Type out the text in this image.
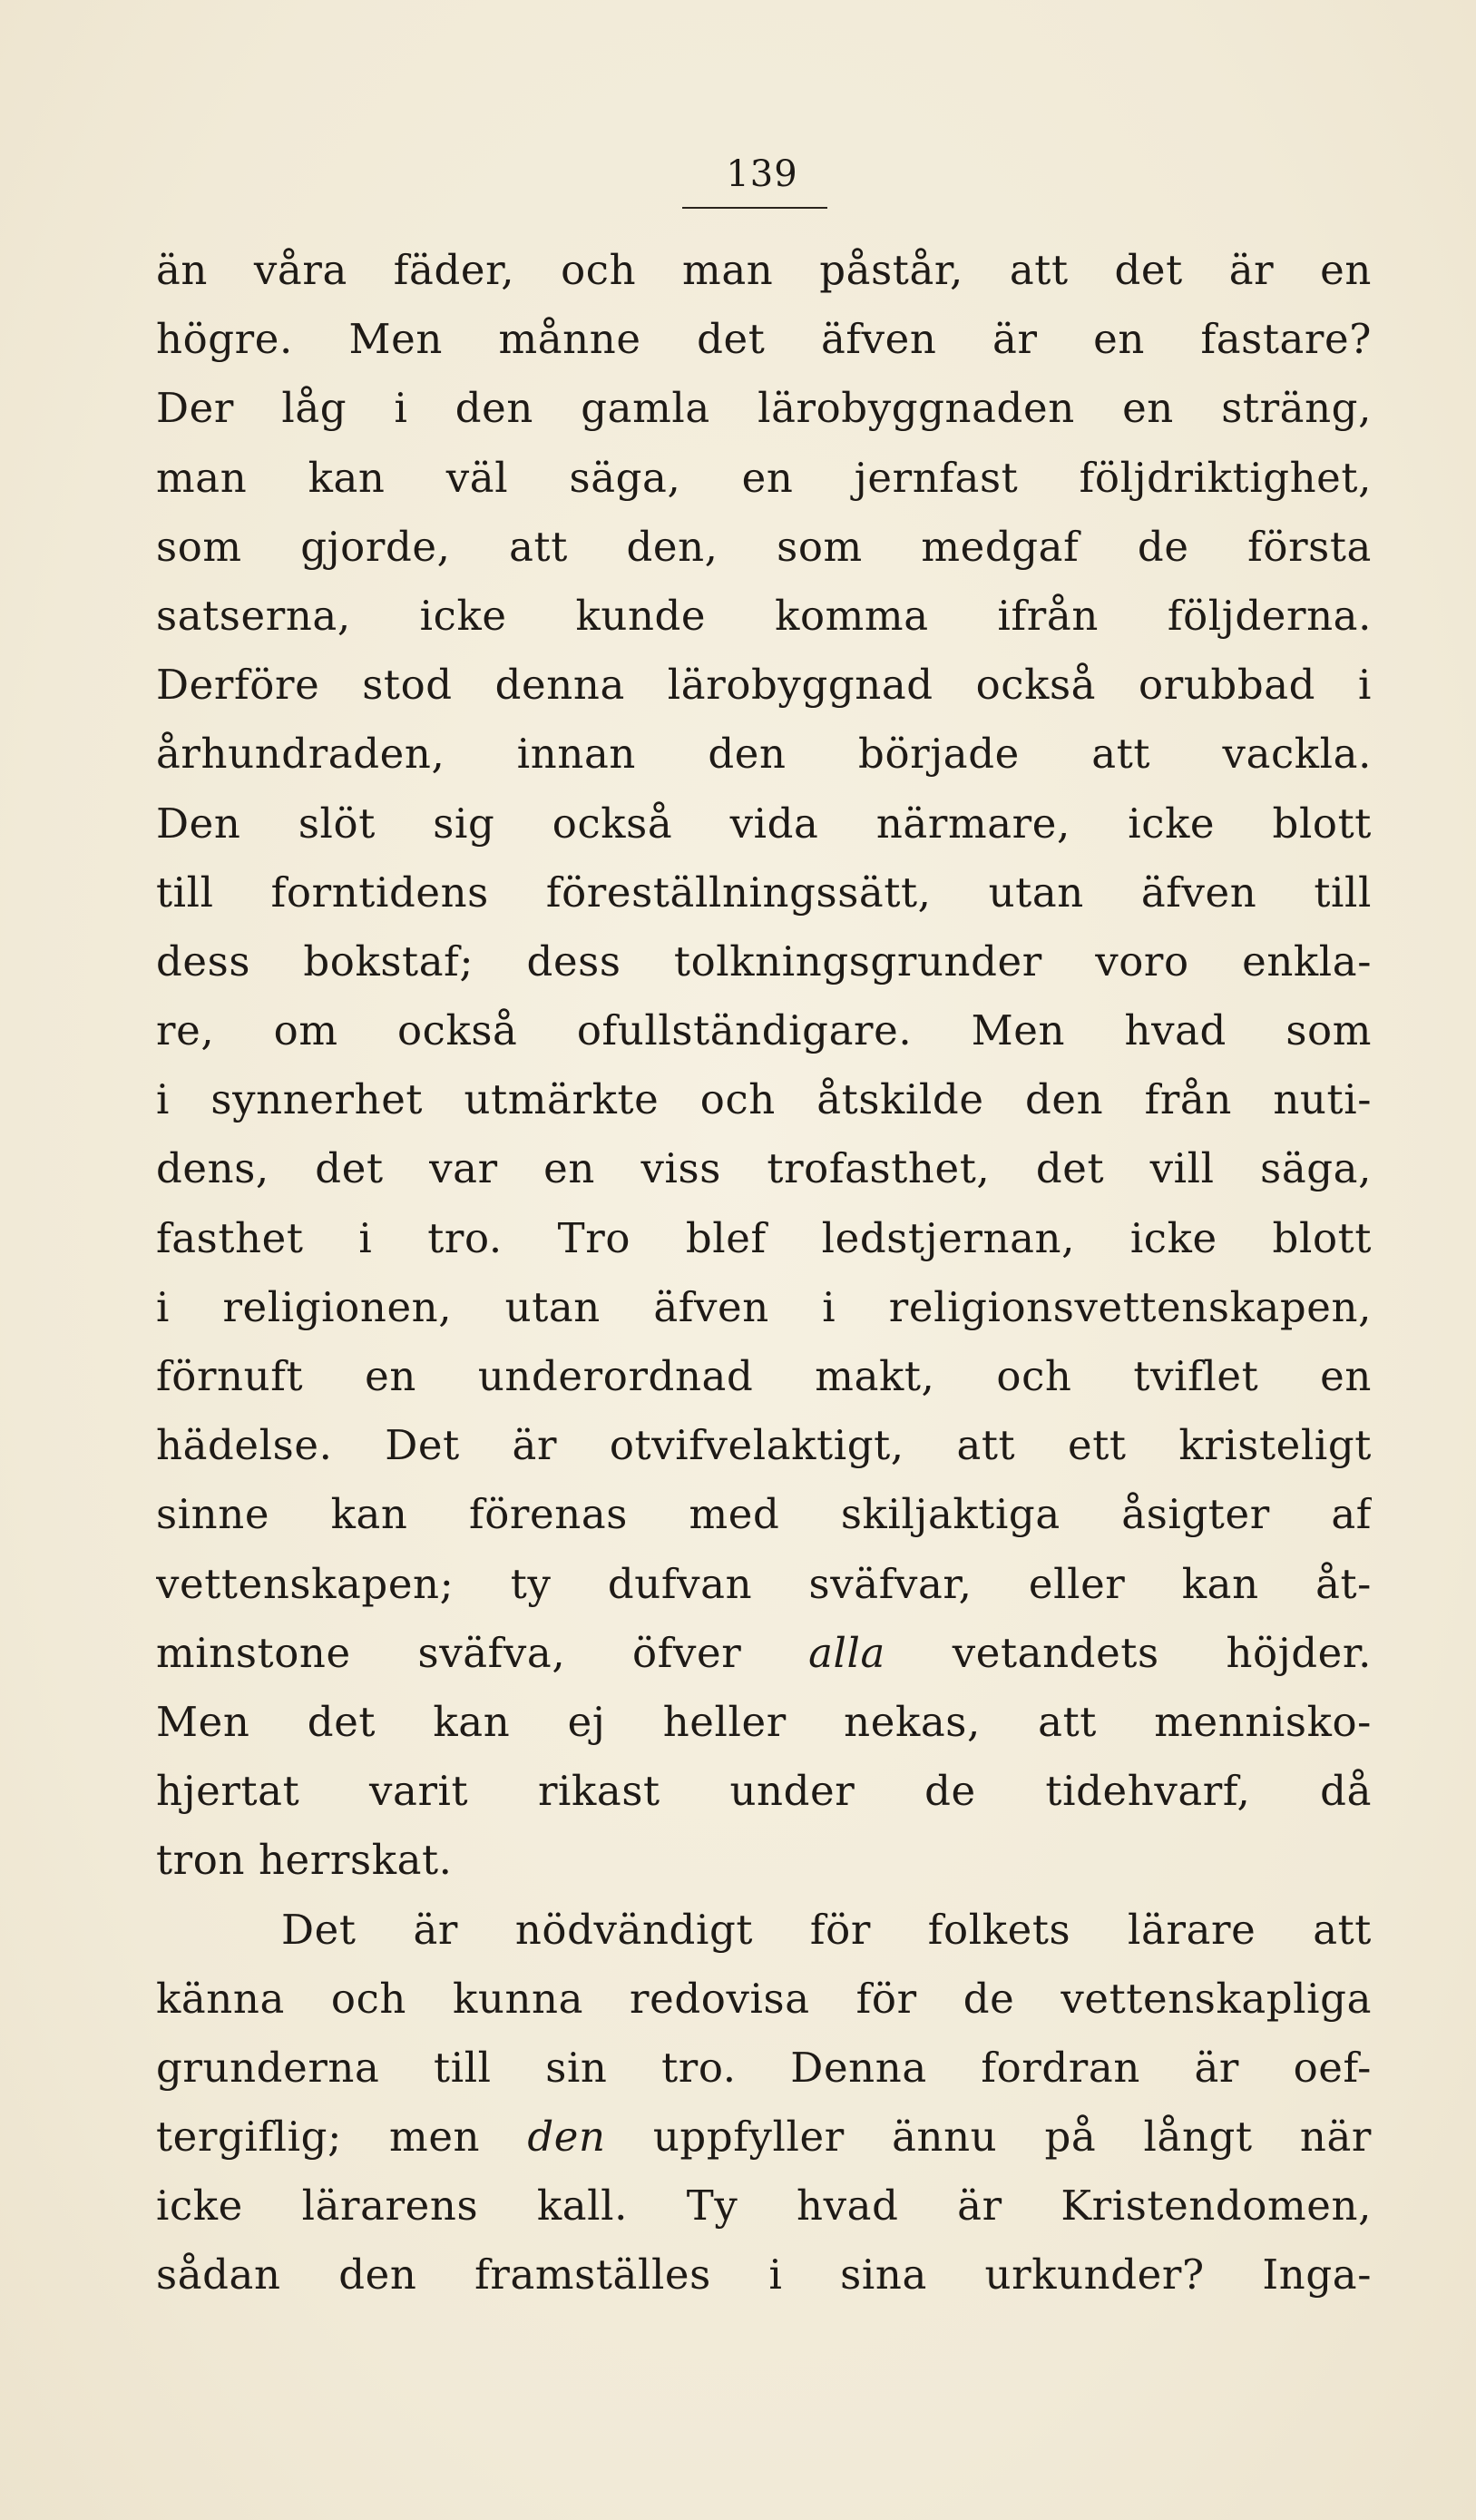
139
än våra fäder, och man påstår, att det är en
högre. Men månne det äfven är en fastare?
Der låg i den gamla lärobyggnaden en sträng,
man kan väl säga, en jernfast följdriktighet,
som gjorde, att den, som medgaf de första
satserna, icke kunde komma ifrån följderna.
Derföre stod denna lärobyggnad också orubbad i
århundraden, innan den började att vackla.
Den slöt sig också vida närmare, icke blott
till forntidens föreställningssätt, utan äfven till
dess bokstaf; dess tolkningsgrunder voro enkla-
re, om också ofullständigare. Men hvad som
i synnerhet utmärkte och åtskilde den från nuti-
dens, det var en viss trofasthet, det vill säga,
fasthet i tro. Tro blef ledstjernan, icke blott
i religionen, utan äfven i religionsvettenskapen,
förnuft en underordnad makt, och tviflet en
hädelse. Det är otvifvelaktigt, att ett kristeligt
sinne kan förenas med skiljaktiga åsigter af
vettenskapen; ty dufvan sväfvar, eller kan åt-
minstone sväfva, öfver alla vetandets höjder.
Men det kan ej heller nekas, att mennisko-
hjertat varit rikast under de tidehvarf, då
tron herrskat.
Det är nödvändigt för folkets lärare att
känna och kunna redovisa för de vettenskapliga
grunderna till sin tro. Denna fordran är oef-
tergiflig; men den uppfyller ännu på långt när
icke lärarens kall. Ty hvad är Kristendomen,
sådan den framställes i sina urkunder? Inga-
